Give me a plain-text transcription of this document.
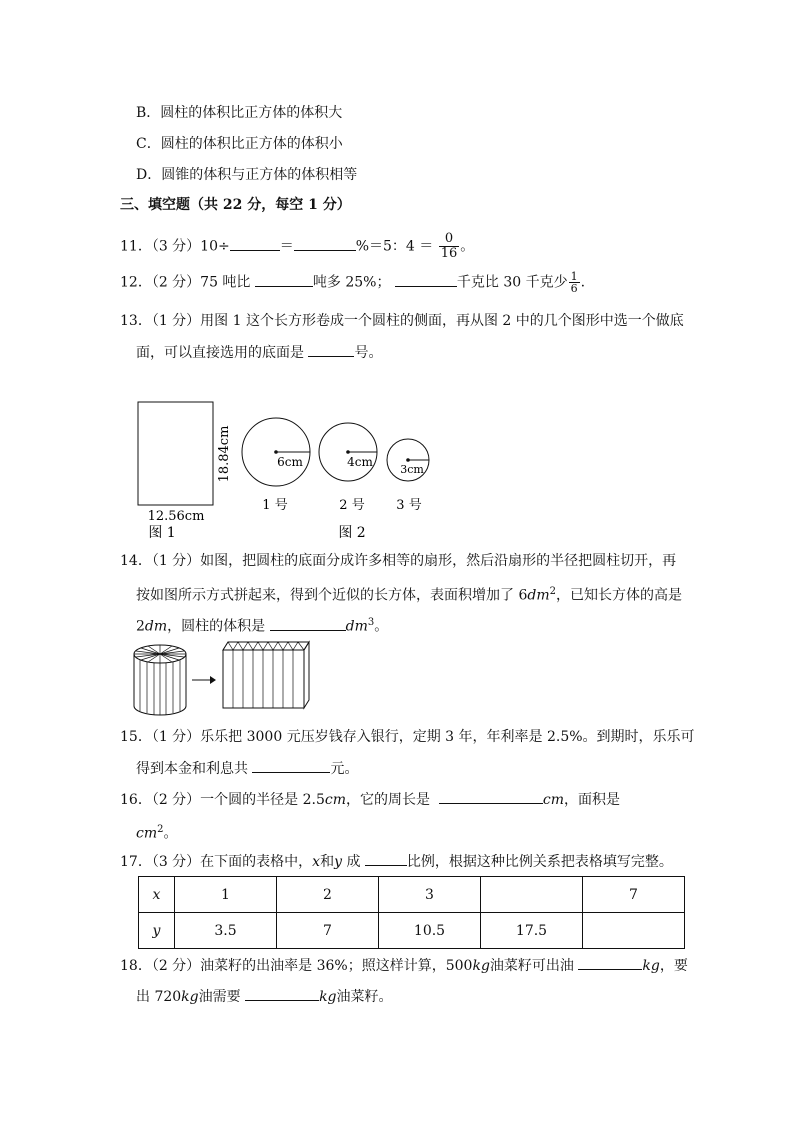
B．圆柱的体积比正方体的体积大
C．圆柱的体积比正方体的体积小
D．圆锥的体积与正方体的体积相等
三、填空题（共 22 分，每空 1 分）
11．（3 分）10÷	＝	%＝5：$4 = \frac{0}{16}$ 。
12．（2 分）75 吨比	吨多 25%；	千克比 30 千克少 $\frac{1}{6}$ .
13．（1 分）用图 1 这个长方形卷成一个圆柱的侧面，再从图 2 中的几个图形中选一个做底
面，可以直接选用的底面是	号。
18.84cm
12.56cm
图 1
6cm
1 号
4cm
2 号
3cm
3 号
图 2
14．（1 分）如图，把圆柱的底面分成许多相等的扇形，然后沿扇形的半径把圆柱切开，再
按如图所示方式拼起来，得到个近似的长方体，表面积增加了 $6dm^2$，已知长方体的高是
2dm，圆柱的体积是	$dm^3$。
15．（1 分）乐乐把 3000 元压岁钱存入银行，定期 3 年，年利率是 2.5%。到期时，乐乐可
得到本金和利息共	元。
16．（2 分）一个圆的半径是 2.5cm，它的周长是	cm，面积是
$cm^2$。
17．（3 分）在下面的表格中，x和y 成	比例，根据这种比例关系把表格填写完整。
x	1	2	3		7
y	3.5	7	10.5	17.5	
18．（2 分）油菜籽的出油率是 36%；照这样计算，500kg油菜籽可出油	kg，要
出 720kg油需要	kg油菜籽。
